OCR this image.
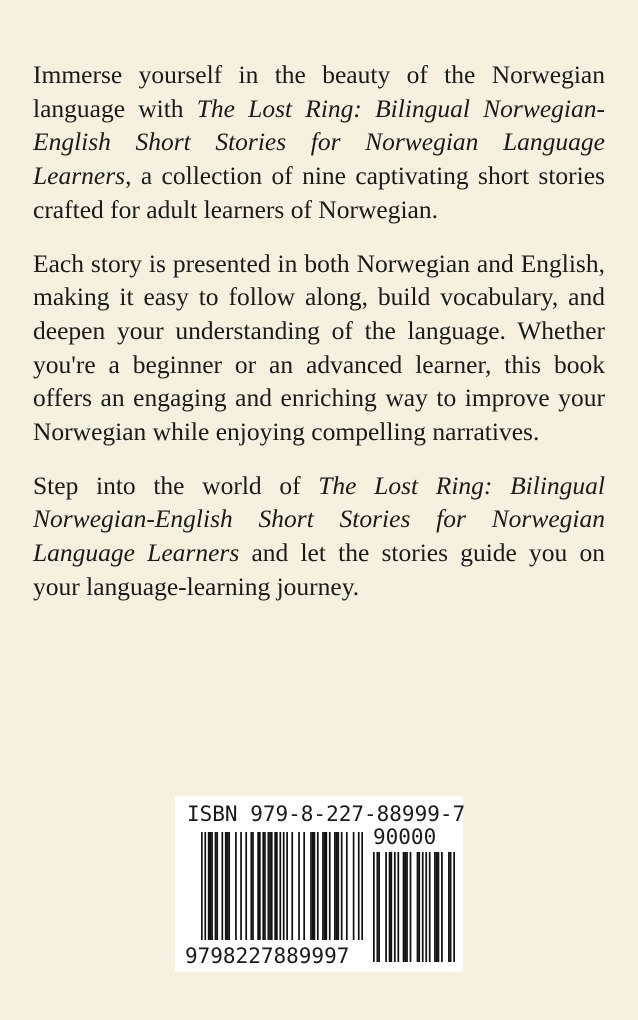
Immerse yourself in the beauty of the Norwegian language with The Lost Ring: Bilingual Norwegian-English Short Stories for Norwegian Language Learners, a collection of nine captivating short stories crafted for adult learners of Norwegian.

Each story is presented in both Norwegian and English, making it easy to follow along, build vocabulary, and deepen your understanding of the language. Whether you're a beginner or an advanced learner, this book offers an engaging and enriching way to improve your Norwegian while enjoying compelling narratives.

Step into the world of The Lost Ring: Bilingual Norwegian-English Short Stories for Norwegian Language Learners and let the stories guide you on your language-learning journey.

ISBN 979-8-227-88999-7
90000
9798227889997
